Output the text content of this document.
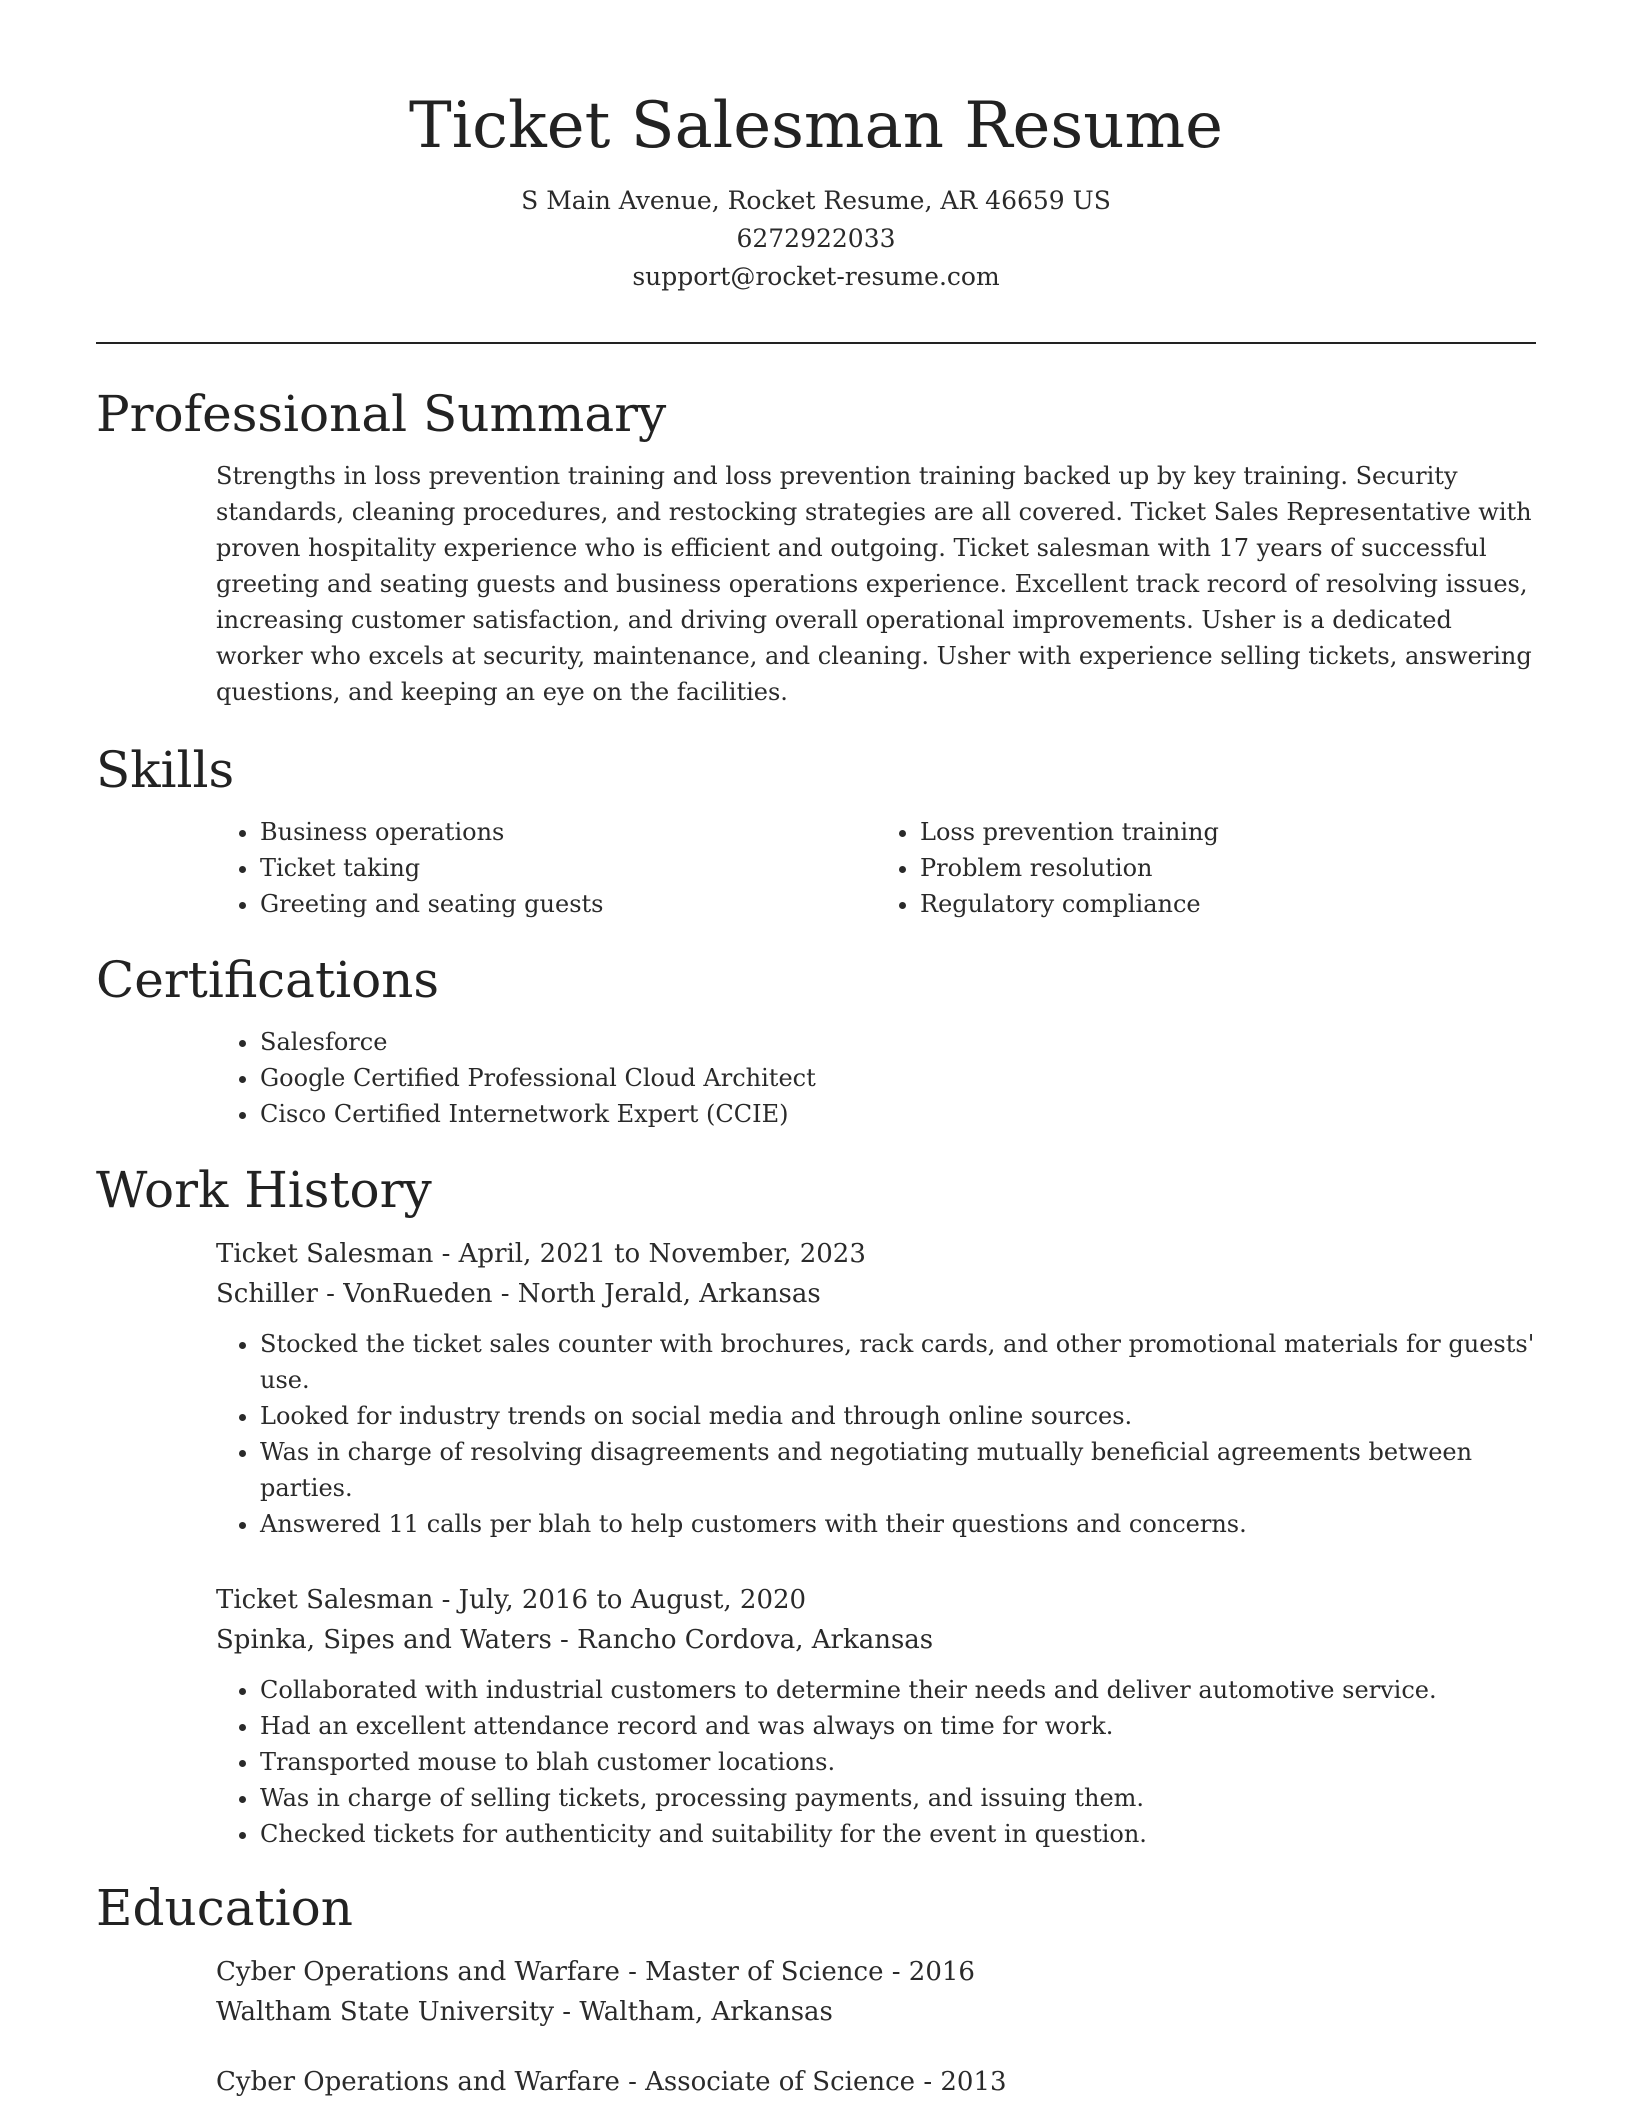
Ticket Salesman Resume
S Main Avenue, Rocket Resume, AR 46659 US
6272922033
support@rocket-resume.com
Professional Summary

Strengths in loss prevention training and loss prevention training backed up by key training. Security standards, cleaning procedures, and restocking strategies are all covered. Ticket Sales Representative with proven hospitality experience who is efficient and outgoing. Ticket salesman with 17 years of successful greeting and seating guests and business operations experience. Excellent track record of resolving issues, increasing customer satisfaction, and driving overall operational improvements. Usher is a dedicated worker who excels at security, maintenance, and cleaning. Usher with experience selling tickets, answering questions, and keeping an eye on the facilities.

Skills
• Business operations
• Ticket taking
• Greeting and seating guests
• Loss prevention training
• Problem resolution
• Regulatory compliance
Certifications
• Salesforce
• Google Certified Professional Cloud Architect
• Cisco Certified Internetwork Expert (CCIE)
Work History
Ticket Salesman - April, 2021 to November, 2023
Schiller - VonRueden - North Jerald, Arkansas
• Stocked the ticket sales counter with brochures, rack cards, and other promotional materials for guests' use.
• Looked for industry trends on social media and through online sources.
• Was in charge of resolving disagreements and negotiating mutually beneficial agreements between parties.
• Answered 11 calls per blah to help customers with their questions and concerns.
Ticket Salesman - July, 2016 to August, 2020
Spinka, Sipes and Waters - Rancho Cordova, Arkansas
• Collaborated with industrial customers to determine their needs and deliver automotive service.
• Had an excellent attendance record and was always on time for work.
• Transported mouse to blah customer locations.
• Was in charge of selling tickets, processing payments, and issuing them.
• Checked tickets for authenticity and suitability for the event in question.
Education
Cyber Operations and Warfare - Master of Science - 2016
Waltham State University - Waltham, Arkansas
Cyber Operations and Warfare - Associate of Science - 2013
